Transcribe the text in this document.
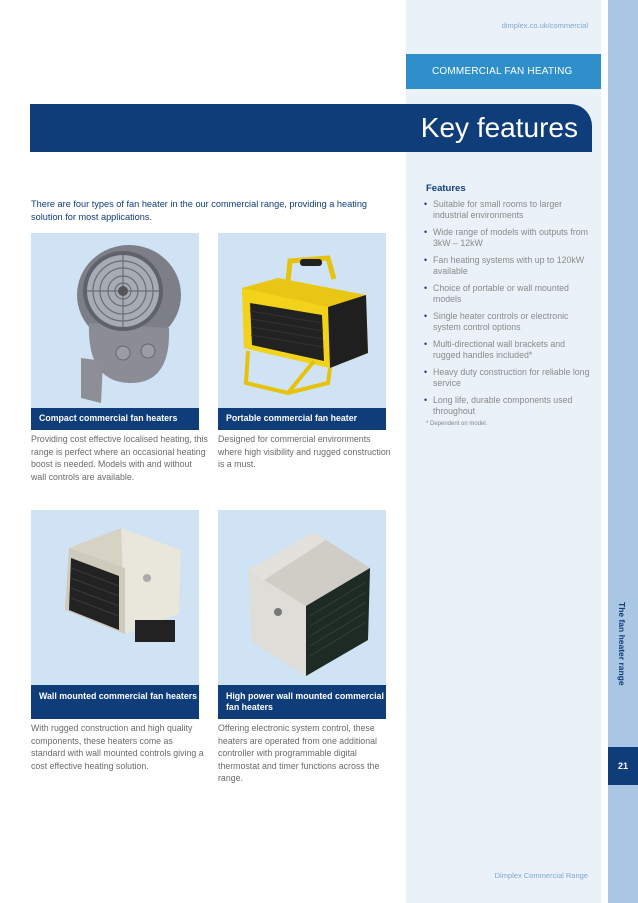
dimplex.co.uk/commercial
COMMERCIAL FAN HEATING
Key features
There are four types of fan heater in the our commercial range, providing a heating solution for most applications.
Compact commercial fan heaters
Providing cost effective localised heating, this range is perfect where an occasional heating boost is needed. Models with and without wall controls are available.
Portable commercial fan heater
Designed for commercial environments where high visibility and rugged construction is a must.
Wall mounted commercial fan heaters
With rugged construction and high quality components, these heaters come as standard with wall mounted controls giving a cost effective heating solution.
High power wall mounted commercial fan heaters
Offering electronic system control, these heaters are operated from one additional controller with programmable digital thermostat and timer functions across the range.
Features
• Suitable for small rooms to larger industrial environments
• Wide range of models with outputs from 3kW – 12kW
• Fan heating systems with up to 120kW available
• Choice of portable or wall mounted models
• Single heater controls or electronic system control options
• Multi-directional wall brackets and rugged handles included*
• Heavy duty construction for reliable long service
• Long life, durable components used throughout
* Dependent on model.
The fan heater range
21
Dimplex Commercial Range
